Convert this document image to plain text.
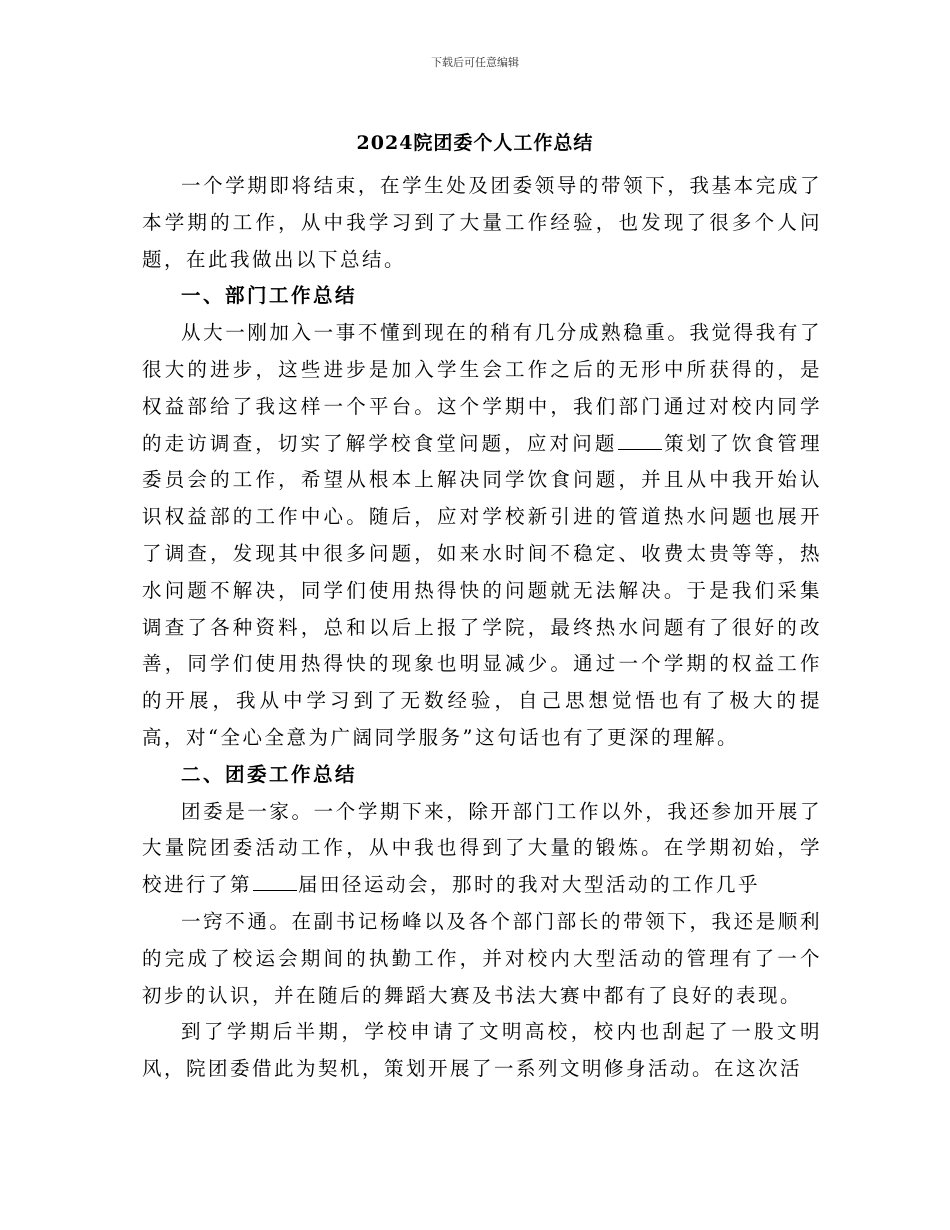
下载后可任意编辑
2024院团委个人工作总结

一个学期即将结束，在学生处及团委领导的带领下，我基本完成了本学期的工作，从中我学习到了大量工作经验，也发现了很多个人问题，在此我做出以下总结。

一、部门工作总结

从大一刚加入一事不懂到现在的稍有几分成熟稳重。我觉得我有了很大的进步，这些进步是加入学生会工作之后的无形中所获得的，是权益部给了我这样一个平台。这个学期中，我们部门通过对校内同学的走访调查，切实了解学校食堂问题，应对问题 策划了饮食管理委员会的工作，希望从根本上解决同学饮食问题，并且从中我开始认识权益部的工作中心。随后，应对学校新引进的管道热水问题也展开了调查，发现其中很多问题，如来水时间不稳定、收费太贵等等，热水问题不解决，同学们使用热得快的问题就无法解决。于是我们采集调查了各种资料，总和以后上报了学院，最终热水问题有了很好的改善，同学们使用热得快的现象也明显减少。通过一个学期的权益工作的开展，我从中学习到了无数经验，自己思想觉悟也有了极大的提高，对“全心全意为广阔同学服务”这句话也有了更深的理解。

二、团委工作总结

团委是一家。一个学期下来，除开部门工作以外，我还参加开展了大量院团委活动工作，从中我也得到了大量的锻炼。在学期初始，学校进行了第 届田径运动会，那时的我对大型活动的工作几乎

一窍不通。在副书记杨峰以及各个部门部长的带领下，我还是顺利的完成了校运会期间的执勤工作，并对校内大型活动的管理有了一个初步的认识，并在随后的舞蹈大赛及书法大赛中都有了良好的表现。

到了学期后半期，学校申请了文明高校，校内也刮起了一股文明风，院团委借此为契机，策划开展了一系列文明修身活动。在这次活
